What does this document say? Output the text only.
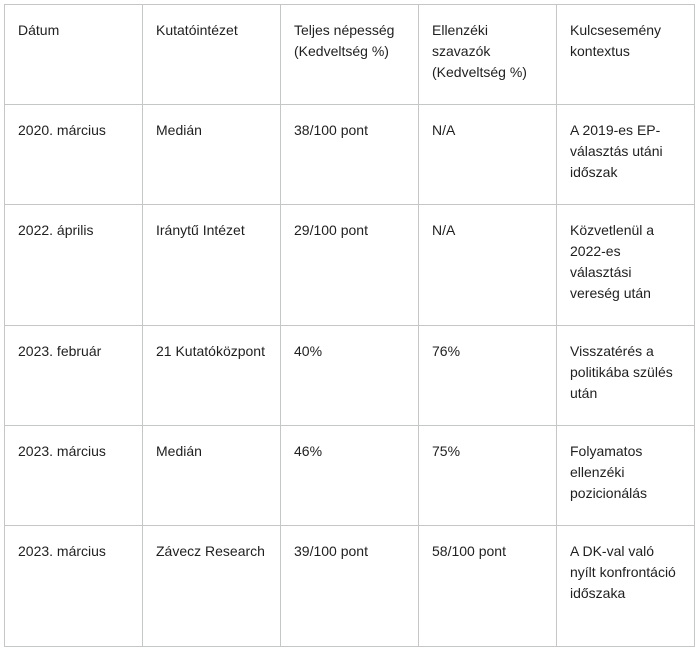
Dátum	Kutatóintézet	Teljes népesség (Kedveltség %)	Ellenzéki szavazók (Kedveltség %)	Kulcsesemény kontextus
2020. március	Medián	38/100 pont	N/A	A 2019-es EP-választás utáni időszak
2022. április	Iránytű Intézet	29/100 pont	N/A	Közvetlenül a 2022-es választási vereség után
2023. február	21 Kutatóközpont	40%	76%	Visszatérés a politikába szülés után
2023. március	Medián	46%	75%	Folyamatos ellenzéki pozicionálás
2023. március	Závecz Research	39/100 pont	58/100 pont	A DK-val való nyílt konfrontáció időszaka
